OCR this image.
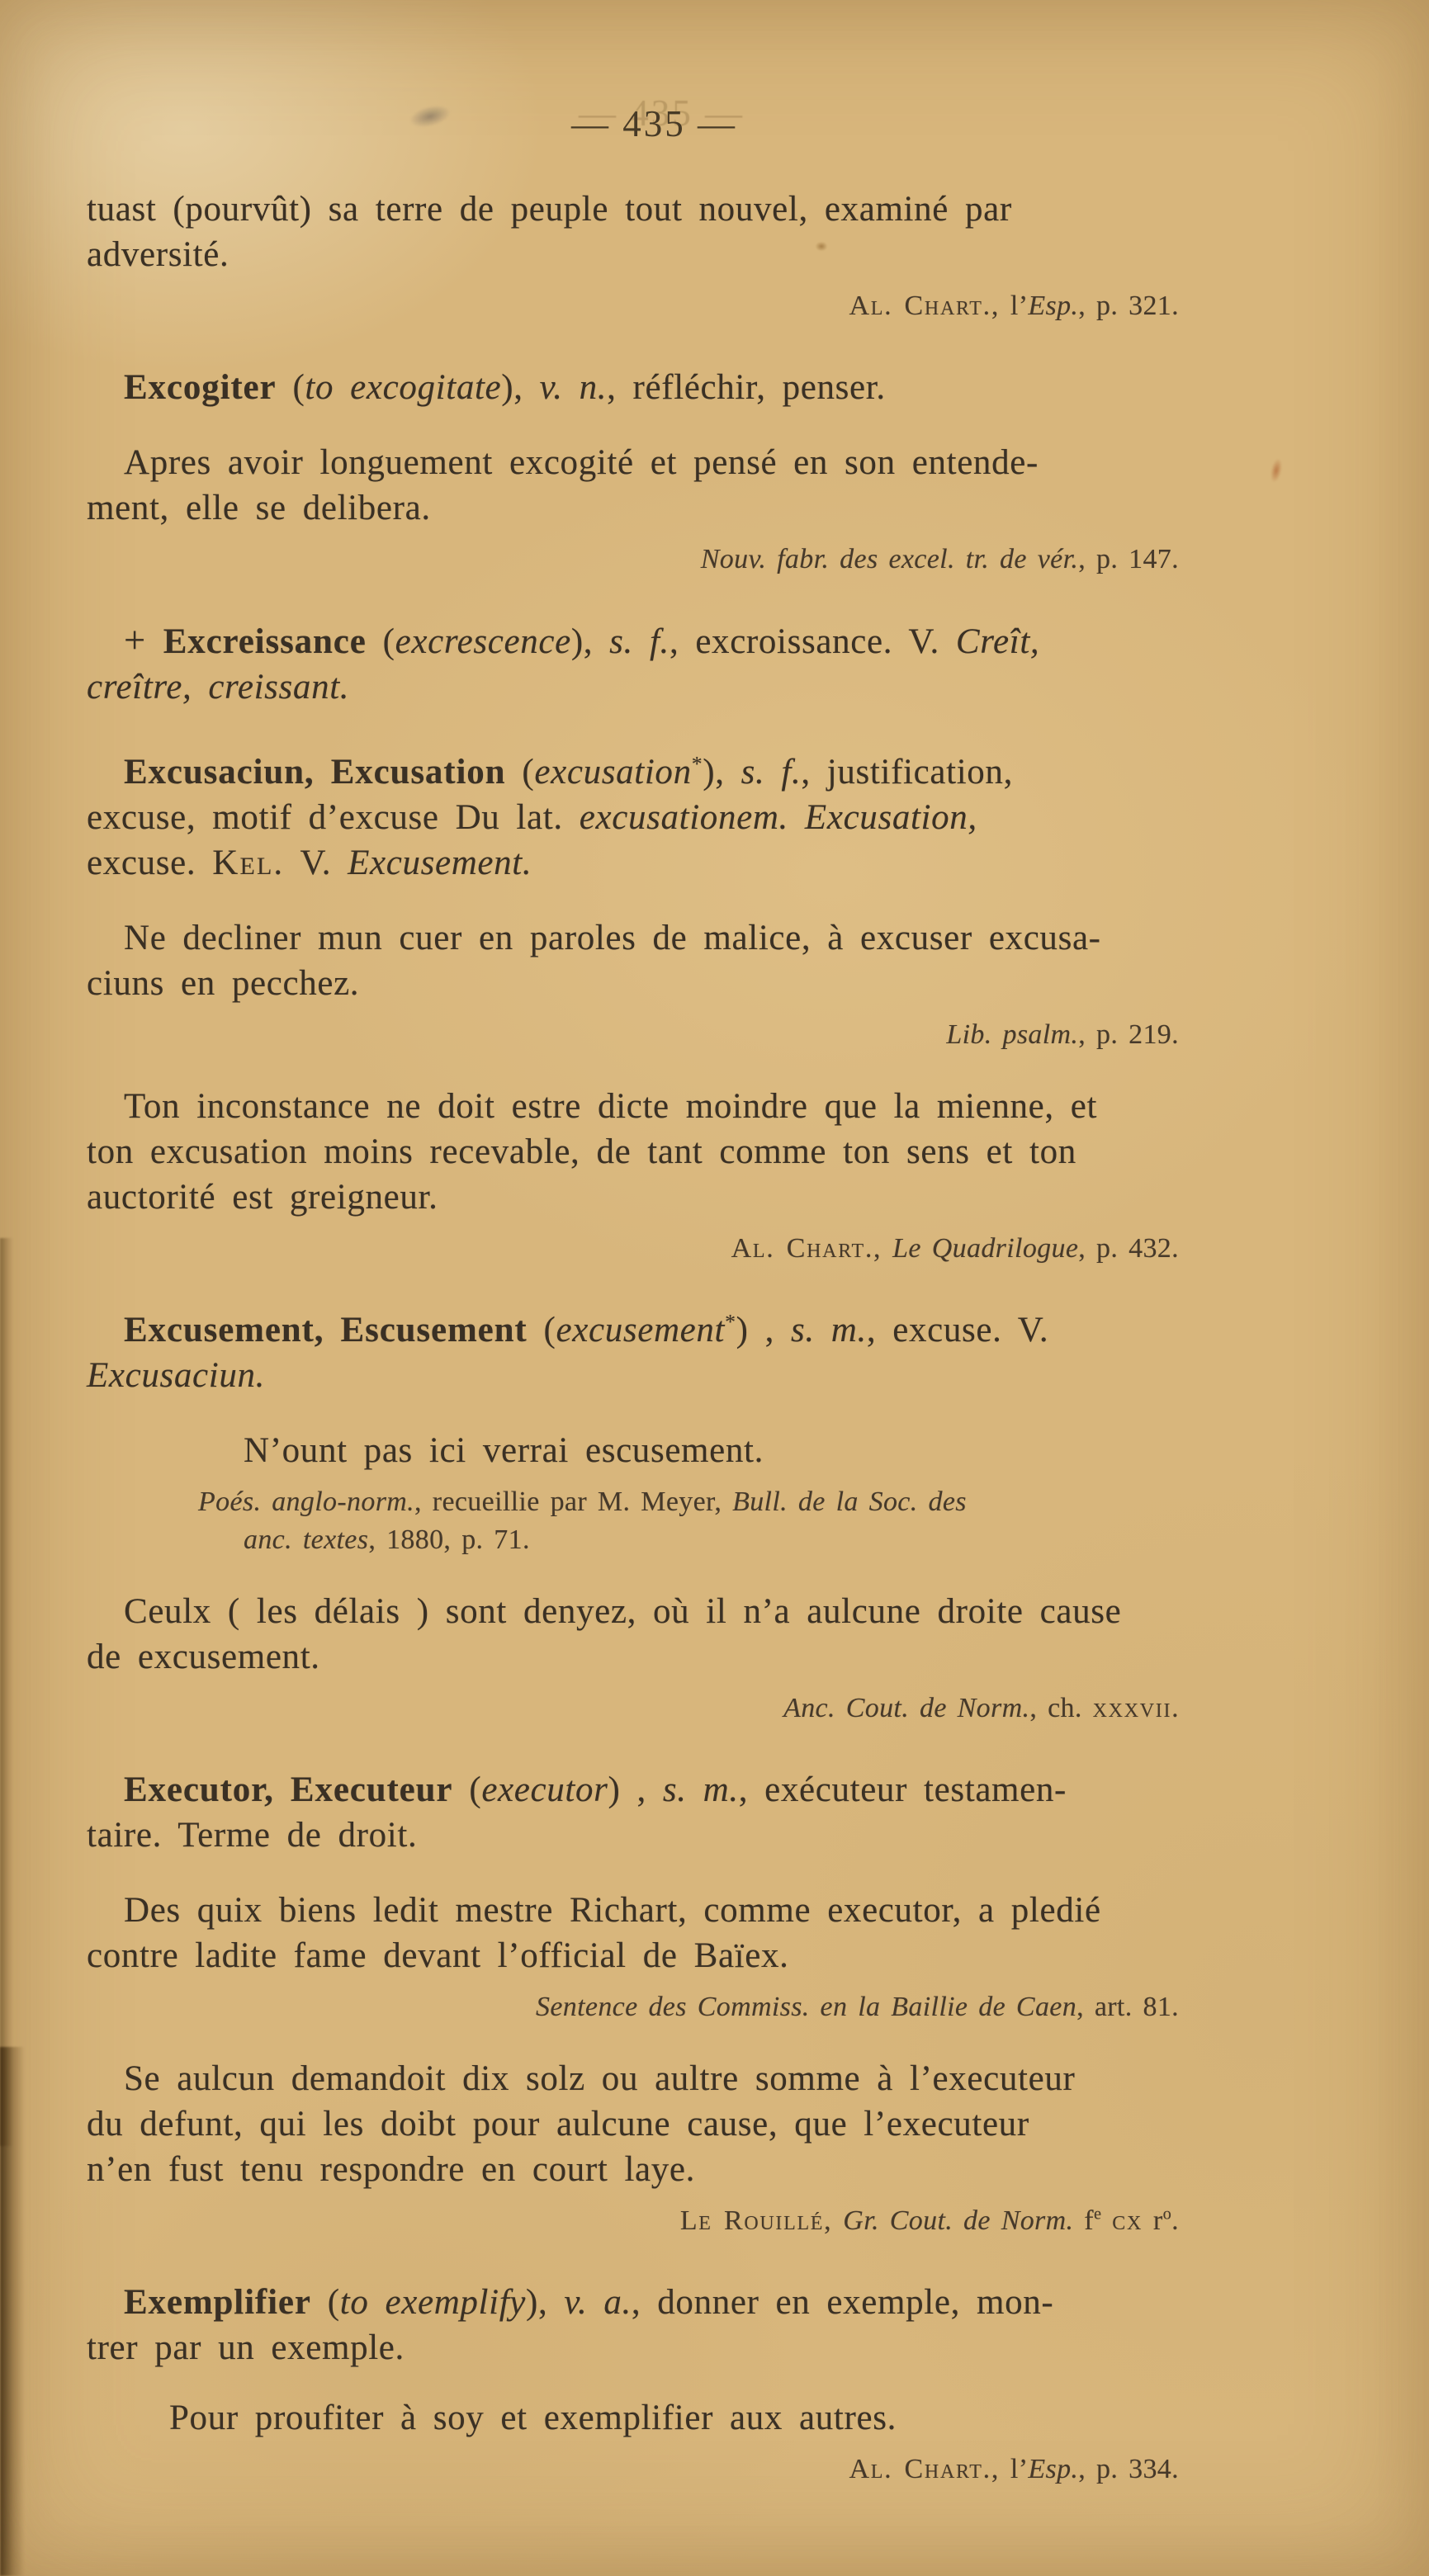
— 435 —

tuast (pourvût) sa terre de peuple tout nouvel, examiné par
adversité.

Al. Chart., l’Esp., p. 321.

Excogiter (to excogitate), v. n., réfléchir, penser.

Apres avoir longuement excogité et pensé en son entende-
ment, elle se delibera.

Nouv. fabr. des excel. tr. de vér., p. 147.

+ Excreissance (excrescence), s. f., excroissance. V. Creît,
creître, creissant.

Excusaciun, Excusation (excusation*), s. f., justification,
excuse, motif d’excuse Du lat. excusationem. Excusation,
excuse. Kel. V. Excusement.

Ne decliner mun cuer en paroles de malice, à excuser excusa-
ciuns en pecchez.

Lib. psalm., p. 219.

Ton inconstance ne doit estre dicte moindre que la mienne, et
ton excusation moins recevable, de tant comme ton sens et ton
auctorité est greigneur.

Al. Chart., Le Quadrilogue, p. 432.

Excusement, Escusement (excusement*) , s. m., excuse. V.
Excusaciun.

N’ount pas ici verrai escusement.

Poés. anglo-norm., recueillie par M. Meyer, Bull. de la Soc. des
anc. textes, 1880, p. 71.

Ceulx ( les délais ) sont denyez, où il n’a aulcune droite cause
de excusement.

Anc. Cout. de Norm., ch. xxxvii.

Executor, Executeur (executor) , s. m., exécuteur testamen-
taire. Terme de droit.

Des quix biens ledit mestre Richart, comme executor, a pledié
contre ladite fame devant l’official de Baïex.

Sentence des Commiss. en la Baillie de Caen, art. 81.

Se aulcun demandoit dix solz ou aultre somme à l’executeur
du defunt, qui les doibt pour aulcune cause, que l’executeur
n’en fust tenu respondre en court laye.

Le Rouillé, Gr. Cout. de Norm. $f^e$ cx $r^o$.

Exemplifier (to exemplify), v. a., donner en exemple, mon-
trer par un exemple.

Pour proufiter à soy et exemplifier aux autres.

Al. Chart., l’Esp., p. 334.
